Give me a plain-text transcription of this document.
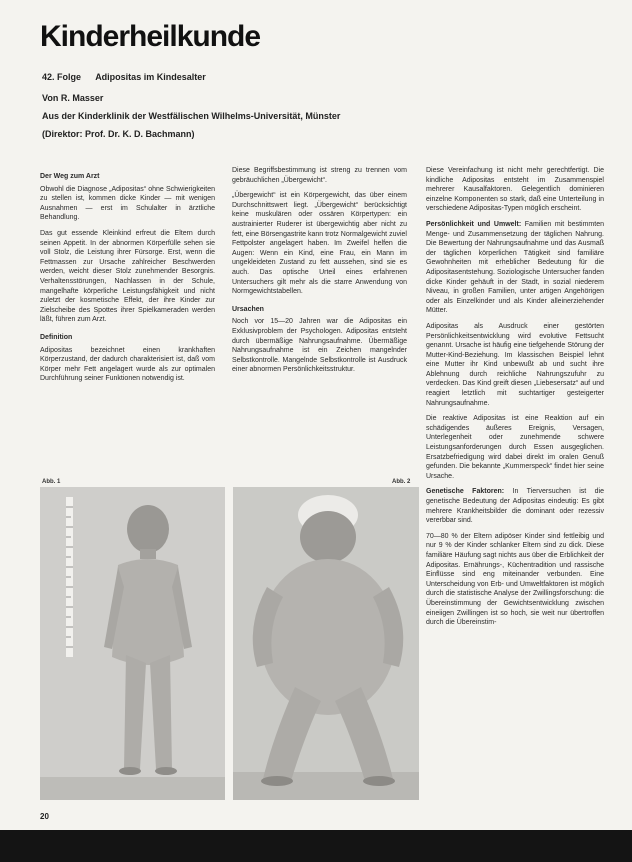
Kinderheilkunde
42. Folge Adipositas im Kindesalter
Von R. Masser
Aus der Kinderklinik der Westfälischen Wilhelms-Universität, Münster
(Direktor: Prof. Dr. K. D. Bachmann)

Der Weg zum Arzt

Obwohl die Diagnose „Adipositas“ ohne Schwierigkeiten zu stellen ist, kommen dicke Kinder — mit wenigen Ausnahmen — erst im Schulalter in ärztliche Behandlung.

Das gut essende Kleinkind erfreut die Eltern durch seinen Appetit. In der abnormen Körperfülle sehen sie voll Stolz, die Leistung ihrer Fürsorge. Erst, wenn die Fettmassen zur Ursache zahlreicher Beschwerden werden, weicht dieser Stolz zunehmender Besorgnis. Verhaltensstörungen, Nachlassen in der Schule, mangelhafte körperliche Leistungsfähigkeit und nicht zuletzt der kosmetische Effekt, der ihre Kinder zur Zielscheibe des Spottes ihrer Spielkameraden werden läßt, führen zum Arzt.

Definition

Adipositas bezeichnet einen krankhaften Körperzustand, der dadurch charakterisiert ist, daß vom Körper mehr Fett angelagert wurde als zur optimalen Durchführung seiner Funktionen notwendig ist.

Diese Begriffsbestimmung ist streng zu trennen vom gebräuchlichen „Übergewicht“.

„Übergewicht“ ist ein Körpergewicht, das über einem Durchschnittswert liegt. „Übergewicht“ berücksichtigt keine muskulären oder ossären Körpertypen: ein austrainierter Ruderer ist übergewichtig aber nicht zu fett, eine Börsengastrite kann trotz Normalgewicht zuviel Fettpolster angelagert haben. Im Zweifel helfen die Augen: Wenn ein Kind, eine Frau, ein Mann im ungekleideten Zustand zu fett aussehen, sind sie es auch. Das optische Urteil eines erfahrenen Untersuchers gilt mehr als die starre Anwendung von Normgewichtstabellen.

Ursachen

Noch vor 15—20 Jahren war die Adipositas ein Exklusivproblem der Psychologen. Adipositas entsteht durch übermäßige Nahrungsaufnahme. Übermäßige Nahrungsaufnahme ist ein Zeichen mangelnder Selbstkontrolle. Mangelnde Selbstkontrolle ist Ausdruck einer abnormen Persönlichkeitsstruktur.

Diese Vereinfachung ist nicht mehr gerechtfertigt. Die kindliche Adipositas entsteht im Zusammenspiel mehrerer Kausalfaktoren. Gelegentlich dominieren einzelne Komponenten so stark, daß eine Unterteilung in verschiedene Adipositas-Typen möglich erscheint.

Persönlichkeit und Umwelt: Familien mit bestimmten Menge- und Zusammensetzung der täglichen Nahrung. Die Bewertung der Nahrungsaufnahme und das Ausmaß der täglichen körperlichen Tätigkeit sind familiäre Gewohnheiten mit erheblicher Bedeutung für die Adipositasentstehung. Soziologische Untersucher fanden dicke Kinder gehäuft in der Stadt, in sozial niederem Niveau, in großen Familien, unter artigen Angehörigen oder als Einzelkinder und als Kinder alleinerziehender Mütter.

Adipositas als Ausdruck einer gestörten Persönlichkeitsentwicklung wird evolutive Fettsucht genannt. Ursache ist häufig eine tiefgehende Störung der Mutter-Kind-Beziehung. Im klassischen Beispiel lehnt eine Mutter ihr Kind unbewußt ab und sucht ihre Ablehnung durch reichliche Nahrungszufuhr zu verdecken. Das Kind greift diesen „Liebesersatz“ auf und reagiert letztlich mit suchtartiger gesteigerter Nahrungsaufnahme.

Die reaktive Adipositas ist eine Reaktion auf ein schädigendes äußeres Ereignis, Versagen, Unterlegenheit oder zunehmende schwere Leistungsanforderungen durch Essen ausgeglichen. Ersatzbefriedigung wird dabei direkt im oralen Genuß gefunden. Die bekannte „Kummerspeck“ findet hier seine Ursache.

Genetische Faktoren: In Tierversuchen ist die genetische Bedeutung der Adipositas eindeutig: Es gibt mehrere Krankheitsbilder die dominant oder rezessiv vererbbar sind.

70—80 % der Eltern adipöser Kinder sind fettleibig und nur 9 % der Kinder schlanker Eltern sind zu dick. Diese familiäre Häufung sagt nichts aus über die Erblichkeit der Adipositas. Ernährungs-, Küchentradition und rassische Einflüsse sind eng miteinander verbunden. Eine Unterscheidung von Erb- und Umweltfaktoren ist möglich durch die statistische Analyse der Zwillingsforschung: die Übereinstimmung der Gewichtsentwicklung zwischen eineiigen Zwillingen ist so hoch, sie weit nur übertroffen durch die Übereinstim-

Abb. 1	Abb. 2
20
